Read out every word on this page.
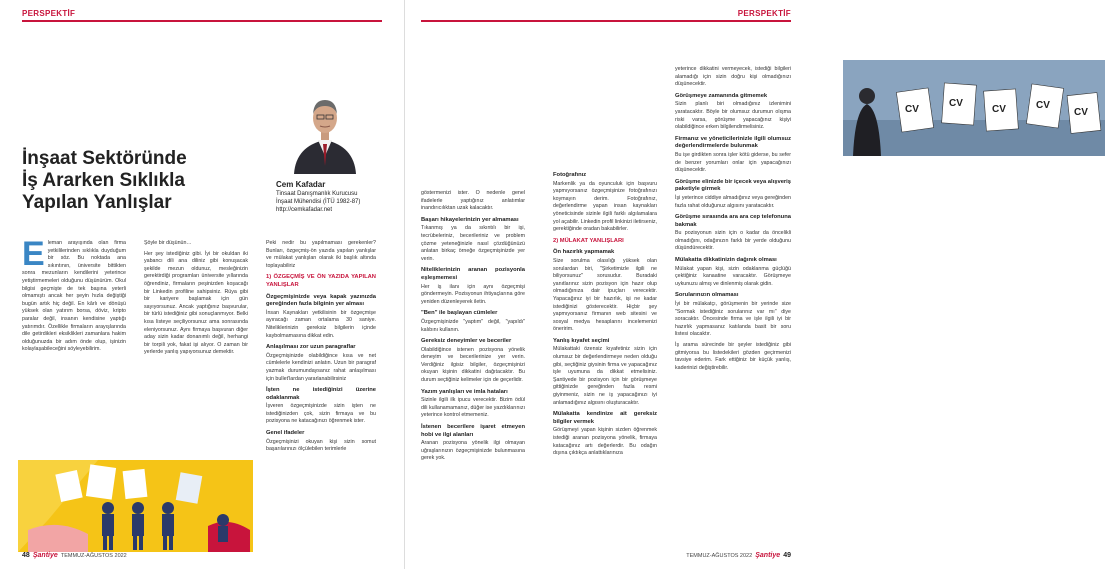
PERSPEKTİF
İnşaat Sektöründe
İş Ararken Sıklıkla
Yapılan Yanlışlar
Cem Kafadar
Tinsaat Danışmanlık Kurucusu
İnşaat Mühendisi (İTÜ 1982-87)
http://cemkafadar.net
E leman arayışında olan firma yetkililerinden sıklıkla duyduğum bir söz. Bu noktada ana sıkıntının, üniversite bittikten sonra mezunların kendilerini yeterince yetiştirmemeleri olduğunu düşünürüm. Okul bilgisi geçmişte de tek başına yeterli olmamıştı ancak her şeyin hızla değiştiği bugün artık hiç değil. En kârlı ve dönüşü yüksek olan yatırım borsa, döviz, kripto paralar değil, insanın kendisine yaptığı yatırımdır. Özellikle firmaların arayışlarında dile getirdikleri eksiklikleri zamanlara hakim olduğunuzda bir adım önde olup, işinizin kolaylaşabileceğini söyleyebilirim.

Şöyle bir düşünün…

Her şey istediğiniz gibi. İyi bir okuldan iki yabancı dili ana diliniz gibi konuşacak şekilde mezun oldunuz, mesleğinizin gerektirdiği programları üniversite yıllarında öğrendiniz, firmaların peşinizden koşacağı bir Linkedin profiline sahipsiniz. Rüya gibi bir kariyere başlamak için gün sayıyorsunuz. Ancak yaptığınız başvurular, bir türlü istediğiniz gibi sonuçlanmıyor. Belki kısa listeye seçiliyorsunuz ama sonrasında eleniyorsunuz. Aynı firmaya başvuran diğer aday sizin kadar donanımlı değil, herhangi bir torpili yok, fakat işi alıyor. O zaman bir yerlerde yanlış yapıyorsunuz demektir.

Peki nedir bu yapılmaması gerekenler? Bunları, özgeçmiş-ön yazıda yapılan yanlışlar ve mülakat yanlışları olarak iki başlık altında toplayabiliriz

1) ÖZGEÇMİŞ VE ÖN YAZIDA YAPILAN YANLIŞLAR
Özgeçmişinizde veya kapak yazınızda gereğinden fazla bilginin yer alması

İnsan Kaynakları yetkilisinin bir özgeçmişe ayıracağı zaman ortalama 30 saniye. Niteliklerinizin gereksiz bilgilerin içinde kaybolmamasına dikkat edin.

Anlaşılması zor uzun paragraflar

Özgeçmişinizde olabildiğince kısa ve net cümlelerle kendinizi anlatın. Uzun bir paragraf yazmak durumundaysanız rahat anlaşılması için bullet'lardan yararlanabilirsiniz

İşten ne istediğinizi üzerine odaklanmak

İşveren özgeçmişinizde sizin işten ne istediğinizden çok, sizin firmaya ve bu pozisyona ne katacağınızı öğrenmek ister.

Genel ifadeler

Özgeçmişinizi okuyan kişi sizin somut başarılarınızı ölçülebilen terimlerle

48 Şantiye TEMMUZ-AĞUSTOS 2022
PERSPEKTİF

göstermenizi ister. O nedenle genel ifadelerle yaptığınız anlatımlar inandırıcılıktan uzak kalacaktır.

Başarı hikayelerinizin yer almaması

Tıkanmış ya da sıkıntılı bir işi, tecrübeleriniz, becerileriniz ve problem çözme yeteneğinizle nasıl çözdüğünüzü anlatan birkaç örneğe özgeçmişinizde yer verin.

Niteliklerinizin aranan pozisyonla eşleşmemesi

Her iş ilanı için aynı özgeçmişi göndermeyin. Pozisyonun ihtiyaçlarına göre yeniden düzenleyerek iletin.

"Ben" ile başlayan cümleler

Özgeçmişinizde "yaptım" değil, "yapıldı" kalıbını kullanın.

Gereksiz deneyimler ve beceriler

Olabildiğince istenen pozisyona yönelik deneyim ve becerilerinize yer verin. Verdiğiniz ilgisiz bilgiler, özgeçmişinizi okuyan kişinin dikkatini dağıtacaktır. Bu durum seçtiğiniz kelimeler için de geçerlidir.

Yazım yanlışları ve imla hataları

Sizinle ilgili ilk ipucu verecektir. Bizim ödül dili kullanamamanız, düğer ise yazdıklarınızı yeterince kontrol etmemeniz.

İstenen becerilere işaret etmeyen hobi ve ilgi alanları

Aranan pozisyona yönelik ilgi olmayan uğraşlarınızın özgeçmişinizde bulunmasına gerek yok.

CV
CV
CV	CV
CV
Fotoğrafınız

Markenlik ya da oyunculuk için başvuru yapmıyorsanız özgeçmişinize fotoğrafınızı koymayın derim. Fotoğrafınız, değerlendirme yapan insan kaynakları yöneticisinde sizinle ilgili farklı algılamalara yol açabilir. Linkedin profil linkinizi iletirseniz, gerektiğinde oradan bakabilirler.

2) MÜLAKAT YANLIŞLARI
Ön hazırlık yapmamak

Size sorulma olasılığı yüksek olan sorulardan biri, "Şirketimizle ilgili ne biliyorsunuz" sorusudur. Buradaki yanıtlarınız sizin pozisyon için hazır olup olmadığınıza dair ipuçları verecektir. Yapacağınız iyi bir hazırlık, işi ne kadar istediğinizi gösterecektir. Hiçbir şey yapmıyorsanız firmanın web sitesini ve sosyal medya hesaplarını incelemenizi öneririm.

Yanlış kıyafet seçimi

Mülakattaki özensiz kıyafetiniz sizin için olumsuz bir değerlendirmeye neden olduğu gibi, seçtiğiniz giysinin firma ve yapacağınız işle uyumuna da dikkat etmelisiniz. Şantiyede bir pozisyon için bir görüşmeye gittiğinizde gereğinden fazla resmi giyinmeniz, sizin ne iş yapacağınızı iyi anlamadığınız algısını oluşturacaktır.

Mülakatta kendinize ait gereksiz bilgiler vermek

Görüşmeyi yapan kişinin sizden öğrenmek istediği aranan pozisyona yönelik, firmaya katacağınız artı değerlerdir. Bu odağın dışına çıktıkça anlattıklarınıza

yeterince dikkatini vermeyecek, istediği bilgileri alamadığı için sizin doğru kişi olmadığınızı düşünecektir.

Görüşmeye zamanında gitmemek

Sizin planlı biri olmadığınız izlenimini yaratacaktır. Böyle bir olumsuz durumun olışma riski varsa, görüşme yapacağınız kişiyi olabildiğince erken bilgilendirmelisiniz.

Firmanız ve yöneticilerinizle ilgili olumsuz değerlendirmelerde bulunmak

Bu işe girdikten sonra işler kötü giderse, bu sefer de benzer yorumları onlar için yapacağınızı düşünecektir.

Görüşme elinizde bir içecek veya alışveriş paketiyle girmek

İşi yeterince ciddiye almadığınız veya gereğinden fazla rahat olduğunuz algısını yaratacaktır.

Görüşme sırasında ara ara cep telefonuna bakmak

Bu pozisyonun sizin için o kadar da öncelikli olmadığını, odağınızın farklı bir yerde olduğunu düşündürecektir.

Mülakatta dikkatinizin dağınık olması

Mülakat yapan kişi, sizin odaklanma güçlüğü çektiğiniz kanaatine varacaktır. Görüşmeye uykunuzu almış ve dinlenmiş olarak gidin.

Sorularınızın olmaması

İyi bir mülakatçı, görüşmenin bir yerinde size "Sormak istediğiniz sorularınız var mı" diye soracaktır. Öncesinde firma ve işle ilgili iyi bir hazırlık yapmasanız katılanda basit bir soru listesi olacaktır.

İş arama sürecinde bir şeyler istediğiniz gibi gitmiyorsa bu listedekileri gözden geçirmenizi tavsiye ederim. Fark ettiğiniz bir küçük yanlış, kaderinizi değiştirebilir.

TEMMUZ-AĞUSTOS 2022 Şantiye 49
